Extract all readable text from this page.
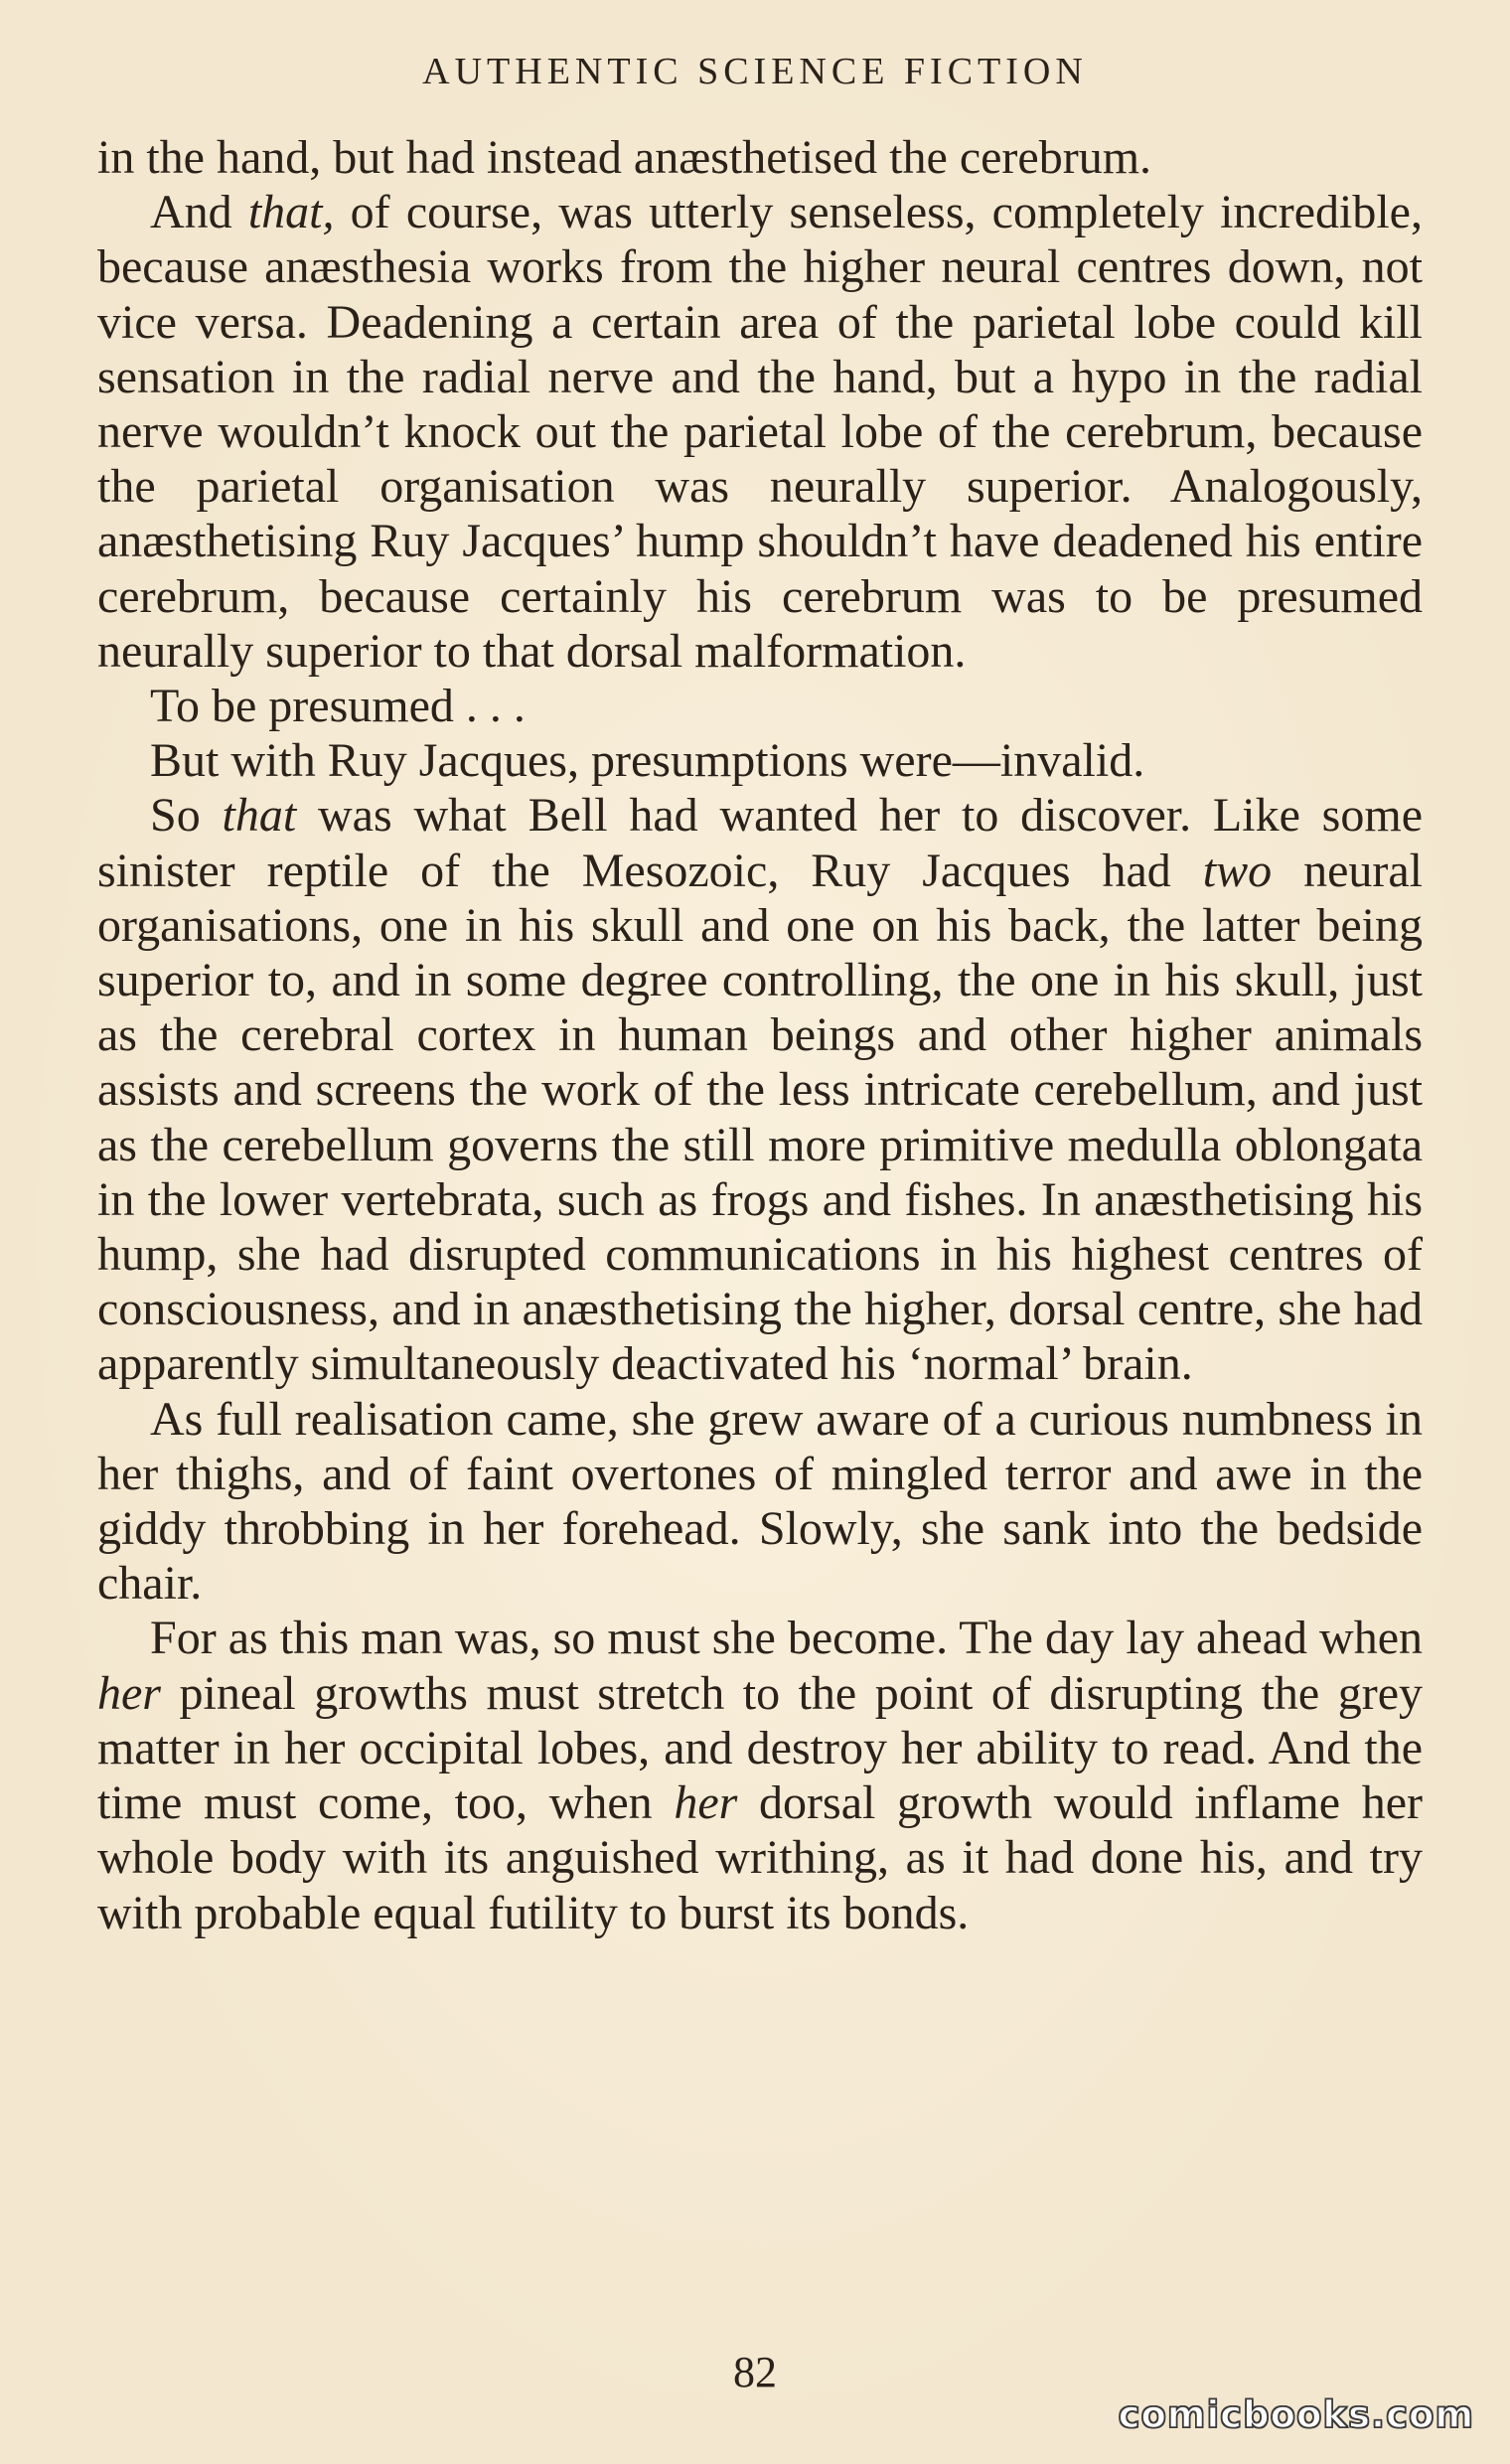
AUTHENTIC SCIENCE FICTION

in the hand, but had instead anæsthetised the cerebrum.

And that, of course, was utterly senseless, completely incredible, because anæsthesia works from the higher neural centres down, not vice versa. Deadening a certain area of the parietal lobe could kill sensation in the radial nerve and the hand, but a hypo in the radial nerve wouldn’t knock out the parietal lobe of the cerebrum, because the parietal organisation was neurally superior. Analogously, anæsthetising Ruy Jacques’ hump shouldn’t have deadened his entire cerebrum, because certainly his cerebrum was to be presumed neurally superior to that dorsal malformation.

To be presumed . . .

But with Ruy Jacques, presumptions were—invalid.

So that was what Bell had wanted her to discover. Like some sinister reptile of the Mesozoic, Ruy Jacques had two neural organisations, one in his skull and one on his back, the latter being superior to, and in some degree controlling, the one in his skull, just as the cerebral cortex in human beings and other higher animals assists and screens the work of the less intricate cerebellum, and just as the cerebellum governs the still more primitive medulla oblongata in the lower vertebrata, such as frogs and fishes. In anæsthetising his hump, she had disrupted communications in his highest centres of consciousness, and in anæsthetising the higher, dorsal centre, she had apparently simultaneously deactivated his ‘normal’ brain.

As full realisation came, she grew aware of a curious numbness in her thighs, and of faint overtones of mingled terror and awe in the giddy throbbing in her forehead. Slowly, she sank into the bedside chair.

For as this man was, so must she become. The day lay ahead when her pineal growths must stretch to the point of disrupting the grey matter in her occipital lobes, and destroy her ability to read. And the time must come, too, when her dorsal growth would inflame her whole body with its anguished writhing, as it had done his, and try with probable equal futility to burst its bonds.

82
comicbooks.com
